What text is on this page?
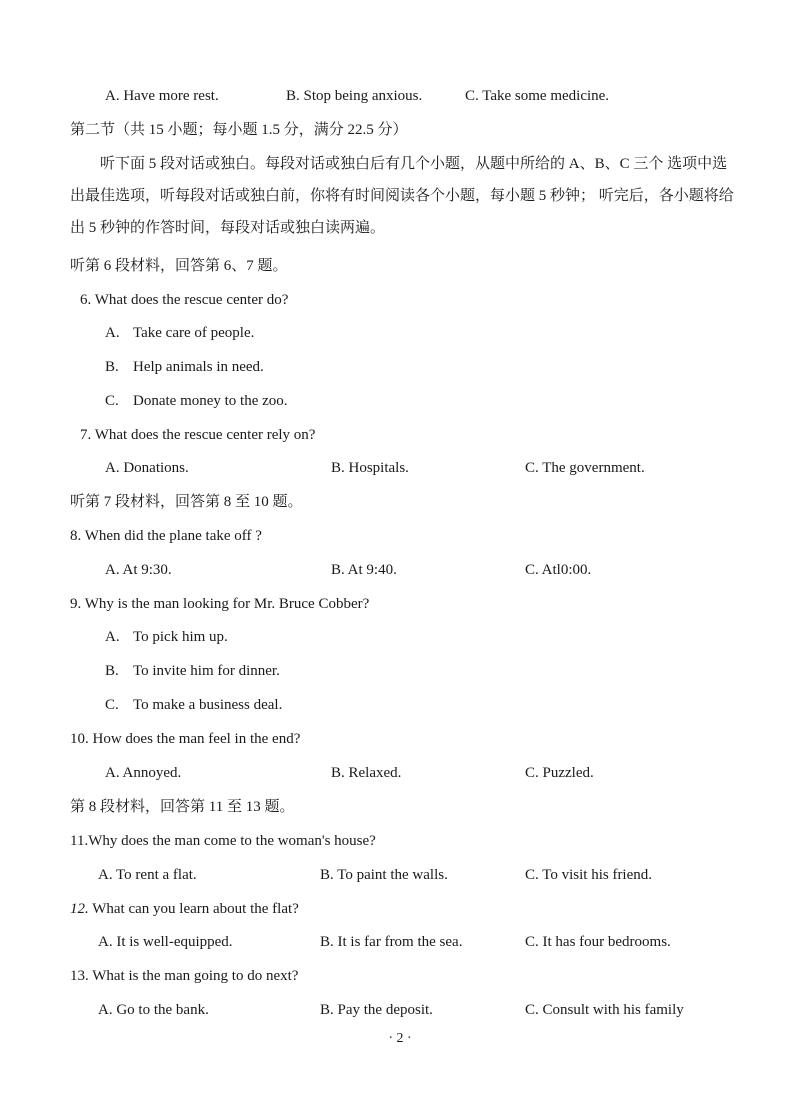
A. Have more rest.	B. Stop being anxious.	C. Take some medicine.
第二节（共 15 小题；每小题 1.5 分，满分 22.5 分）
听下面 5 段对话或独白。每段对话或独白后有几个小题，从题中所给的 A、B、C 三个 选项中选出最佳选项，听每段对话或独白前，你将有时间阅读各个小题，每小题 5 秒钟； 听完后，各小题将给出 5 秒钟的作答时间，每段对话或独白读两遍。
听第 6 段材料，回答第 6、7 题。
6. What does the rescue center do?
A. Take care of people.
B. Help animals in need.
C. Donate money to the zoo.
7. What does the rescue center rely on?
A. Donations.	B. Hospitals.	C. The government.
听第 7 段材料，回答第 8 至 10 题。
8. When did the plane take off ?
A. At 9:30.	B. At 9:40.	C. Atl0:00.
9. Why is the man looking for Mr. Bruce Cobber?
A. To pick him up.
B. To invite him for dinner.
C. To make a business deal.
10. How does the man feel in the end?
A. Annoyed.	B. Relaxed.	C. Puzzled.
第 8 段材料，回答第 11 至 13 题。
11.Why does the man come to the woman's house?
A. To rent a flat.	B. To paint the walls.	C. To visit his friend.
12. What can you learn about the flat?
A. It is well-equipped.	B. It is far from the sea.	C. It has four bedrooms.
13. What is the man going to do next?
A. Go to the bank.	B. Pay the deposit.	C. Consult with his family
· 2 ·
